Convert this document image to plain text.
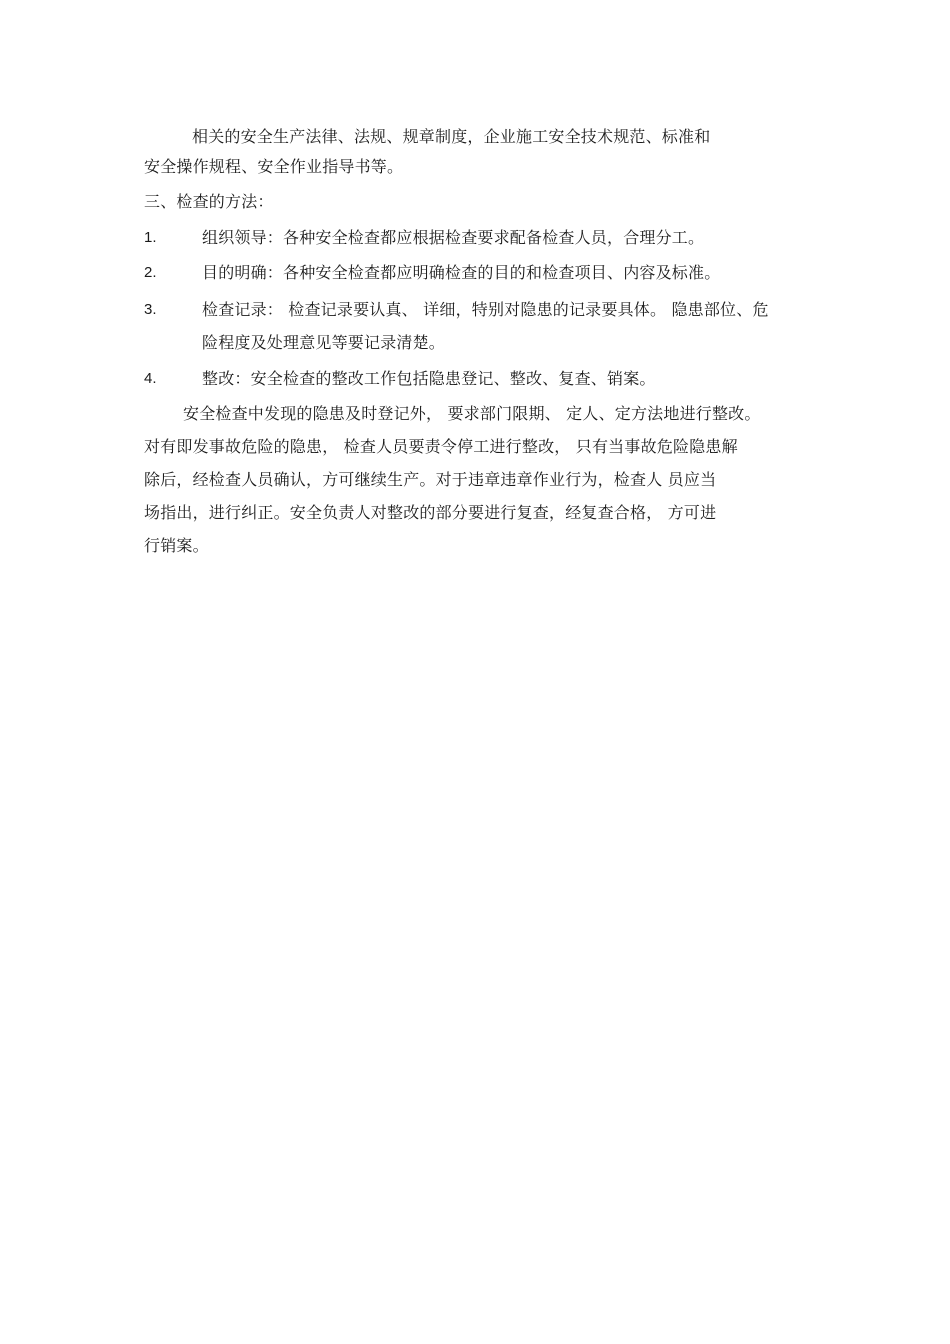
相关的安全生产法律、法规、规章制度，企业施工安全技术规范、标准和
安全操作规程、安全作业指导书等。
三、检查的方法：
1.	组织领导：各种安全检查都应根据检查要求配备检查人员，合理分工。
2.	目的明确：各种安全检查都应明确检查的目的和检查项目、内容及标准。
3.	检查记录： 检查记录要认真、 详细，特别对隐患的记录要具体。 隐患部位、危
险程度及处理意见等要记录清楚。
4.	整改：安全检查的整改工作包括隐患登记、整改、复查、销案。
安全检查中发现的隐患及时登记外， 要求部门限期、 定人、定方法地进行整改。
对有即发事故危险的隐患， 检查人员要责令停工进行整改， 只有当事故危险隐患解
除后，经检查人员确认，方可继续生产。对于违章违章作业行为，检查人 员应当
场指出，进行纠正。安全负责人对整改的部分要进行复查，经复查合格， 方可进
行销案。
